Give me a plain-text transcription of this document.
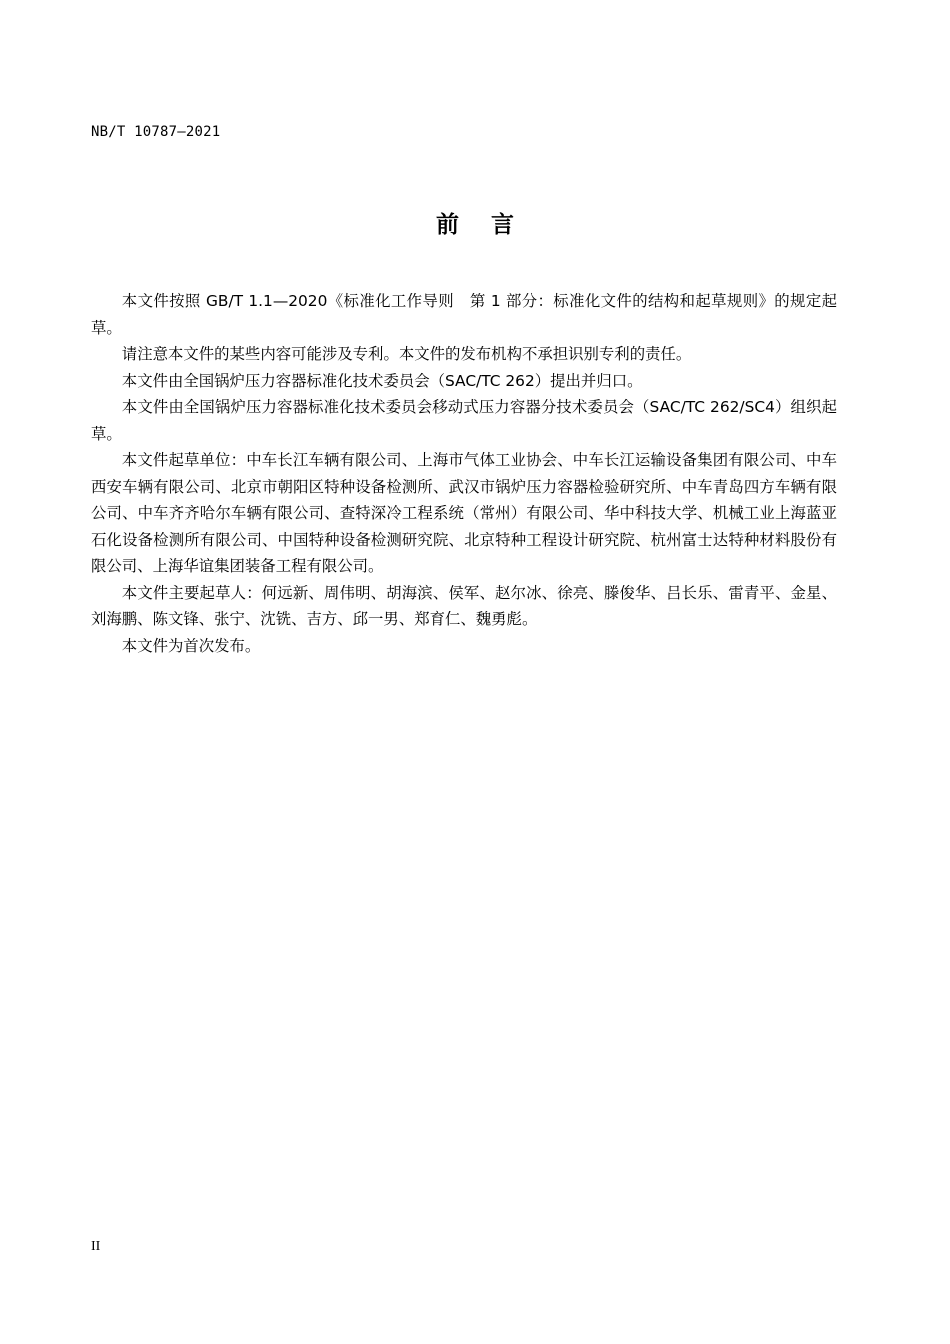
NB/T 10787—2021
前言

本文件按照 GB/T 1.1—2020《标准化工作导则　第 1 部分：标准化文件的结构和起草规则》的规定起草。

请注意本文件的某些内容可能涉及专利。本文件的发布机构不承担识别专利的责任。

本文件由全国锅炉压力容器标准化技术委员会（SAC/TC 262）提出并归口。

本文件由全国锅炉压力容器标准化技术委员会移动式压力容器分技术委员会（SAC/TC 262/SC4）组织起草。

本文件起草单位：中车长江车辆有限公司、上海市气体工业协会、中车长江运输设备集团有限公司、中车西安车辆有限公司、北京市朝阳区特种设备检测所、武汉市锅炉压力容器检验研究所、中车青岛四方车辆有限公司、中车齐齐哈尔车辆有限公司、查特深冷工程系统（常州）有限公司、华中科技大学、机械工业上海蓝亚石化设备检测所有限公司、中国特种设备检测研究院、北京特种工程设计研究院、杭州富士达特种材料股份有限公司、上海华谊集团装备工程有限公司。

本文件主要起草人：何远新、周伟明、胡海滨、侯军、赵尔冰、徐亮、滕俊华、吕长乐、雷青平、金星、刘海鹏、陈文锋、张宁、沈铣、吉方、邱一男、郑育仁、魏勇彪。

本文件为首次发布。

II
